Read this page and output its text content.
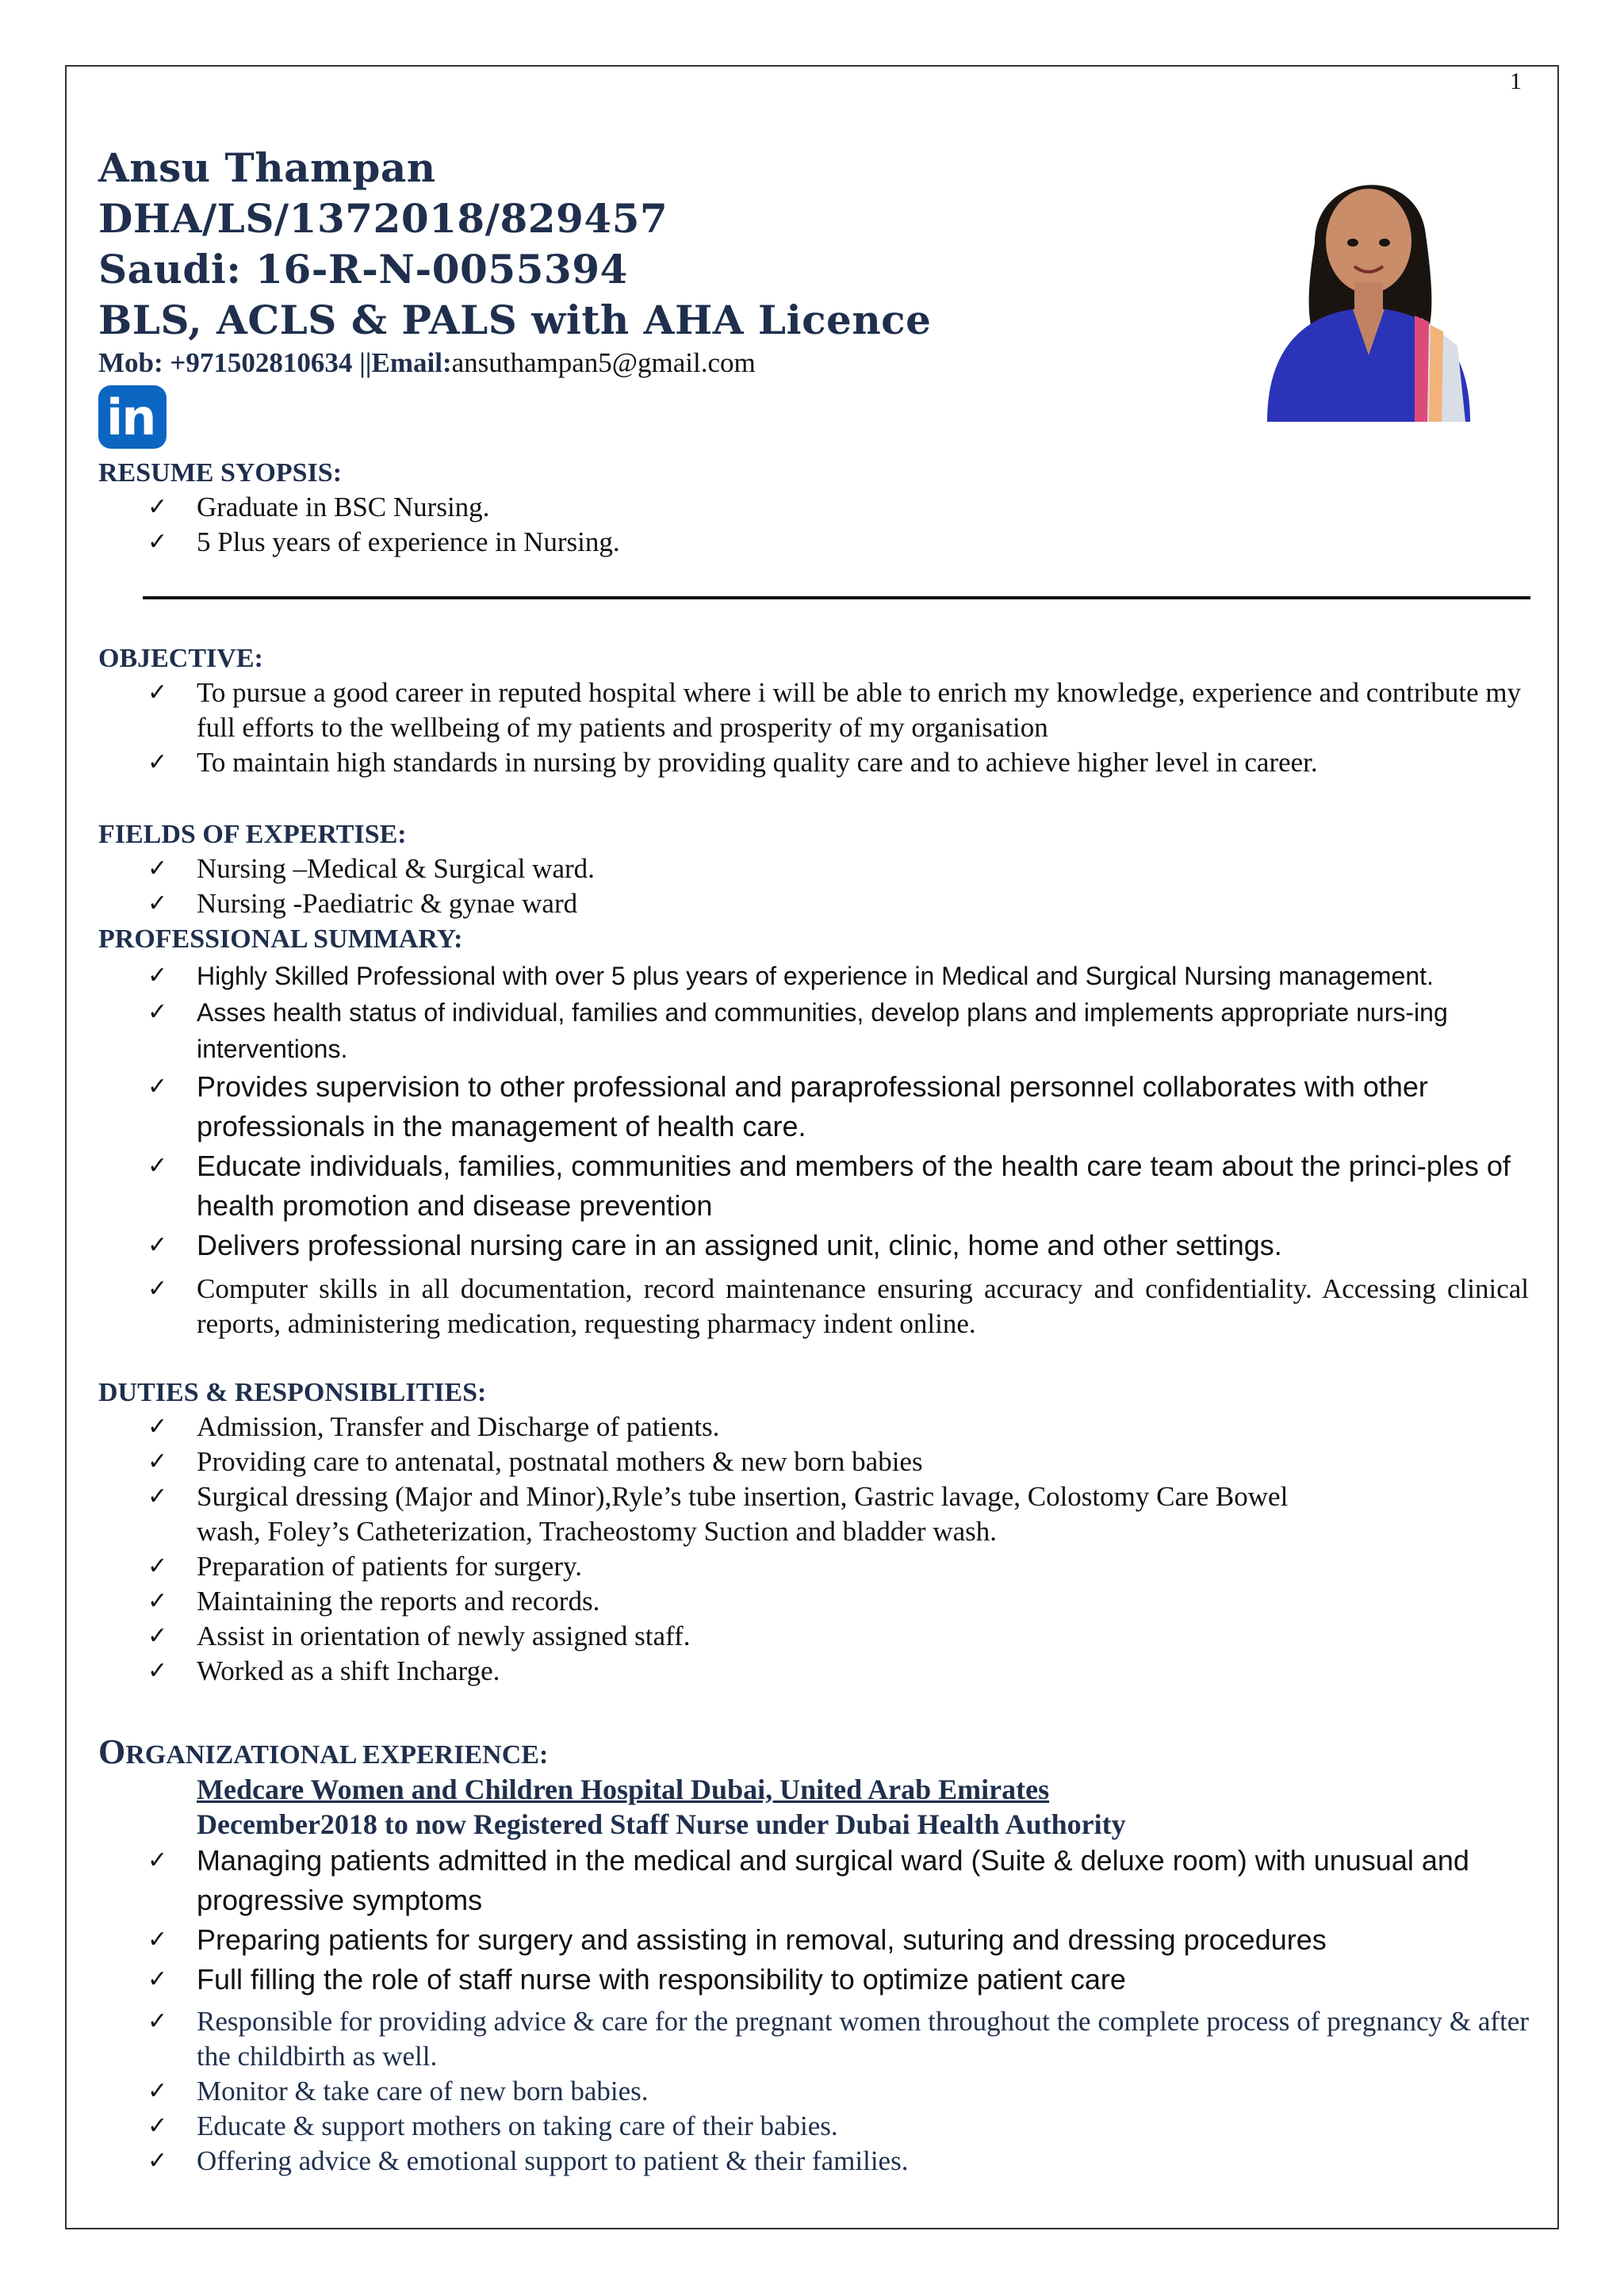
1
Ansu Thampan
DHA/LS/1372018/829457
Saudi: 16-R-N-0055394
BLS, ACLS & PALS with AHA Licence
Mob: +971502810634 ||Email:ansuthampan5@gmail.com
in
RESUME SYOPSIS:
✓ Graduate in BSC Nursing.
✓ 5 Plus years of experience in Nursing.
OBJECTIVE:
✓ To pursue a good career in reputed hospital where i will be able to enrich my knowledge, experience and contribute my full efforts to the wellbeing of my patients and prosperity of my organisation
✓ To maintain high standards in nursing by providing quality care and to achieve higher level in career.
FIELDS OF EXPERTISE:
✓ Nursing –Medical & Surgical ward.
✓ Nursing -Paediatric & gynae ward
PROFESSIONAL SUMMARY:
✓ Highly Skilled Professional with over 5 plus years of experience in Medical and Surgical Nursing management.
✓ Asses health status of individual, families and communities, develop plans and implements appropriate nurs-ing interventions.
✓ Provides supervision to other professional and paraprofessional personnel collaborates with other professionals in the management of health care.
✓ Educate individuals, families, communities and members of the health care team about the princi-ples of health promotion and disease prevention
✓ Delivers professional nursing care in an assigned unit, clinic, home and other settings.
✓ Computer skills in all documentation, record maintenance ensuring accuracy and confidentiality. Accessing clinical reports, administering medication, requesting pharmacy indent online.
DUTIES & RESPONSIBLITIES:
✓ Admission, Transfer and Discharge of patients.
✓ Providing care to antenatal, postnatal mothers & new born babies
✓ Surgical dressing (Major and Minor),Ryle’s tube insertion, Gastric lavage, Colostomy Care Bowel wash, Foley’s Catheterization, Tracheostomy Suction and bladder wash.
✓ Preparation of patients for surgery.
✓ Maintaining the reports and records.
✓ Assist in orientation of newly assigned staff.
✓ Worked as a shift Incharge.
ORGANIZATIONAL EXPERIENCE:
Medcare Women and Children Hospital Dubai, United Arab Emirates
December2018 to now Registered Staff Nurse under Dubai Health Authority
✓ Managing patients admitted in the medical and surgical ward (Suite & deluxe room) with unusual and progressive symptoms
✓ Preparing patients for surgery and assisting in removal, suturing and dressing procedures
✓ Full filling the role of staff nurse with responsibility to optimize patient care
✓ Responsible for providing advice & care for the pregnant women throughout the complete process of pregnancy & after the childbirth as well.
✓ Monitor & take care of new born babies.
✓ Educate & support mothers on taking care of their babies.
✓ Offering advice & emotional support to patient & their families.
